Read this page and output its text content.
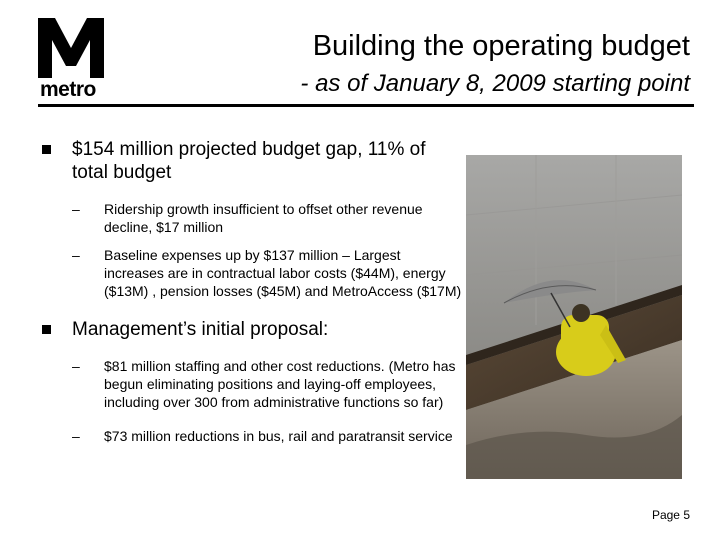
metro
Building the operating budget
- as of January 8, 2009 starting point
$154 million projected budget gap, 11% of total budget
– Ridership growth insufficient to offset other revenue decline, $17 million
– Baseline expenses up by $137 million – Largest increases are in contractual labor costs ($44M), energy ($13M) , pension losses ($45M) and MetroAccess ($17M)
Management’s initial proposal:
– $81 million staffing and other cost reductions. (Metro has begun eliminating positions and laying-off employees, including over 300 from administrative functions so far)
– $73 million reductions in bus, rail and paratransit service
Page 5
